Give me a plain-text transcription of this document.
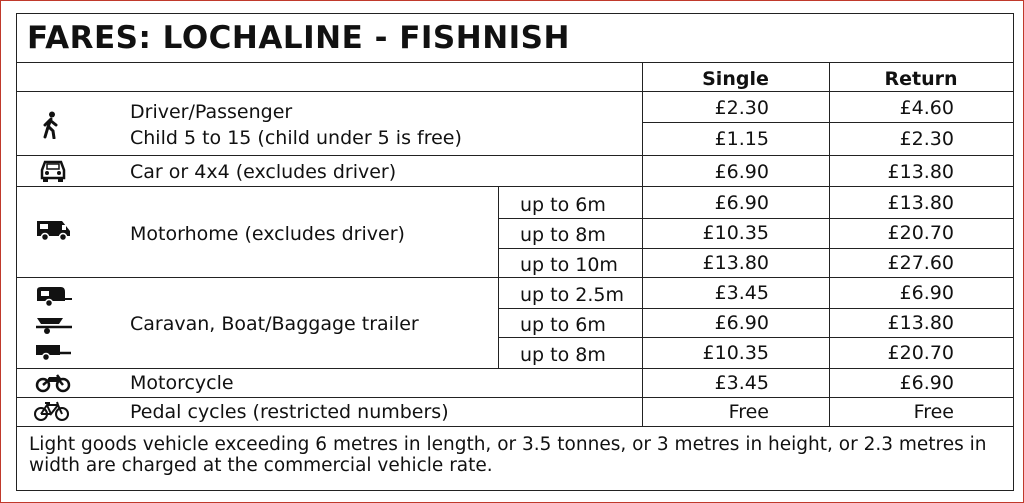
FARES: LOCHALINE - FISHNISH
Single	Return
Driver/Passenger
Child 5 to 15 (child under 5 is free)
Car or 4x4 (excludes driver)
Motorhome (excludes driver)
Caravan, Boat/Baggage trailer
Motorcycle
Pedal cycles (restricted numbers)
up to 6m
up to 8m
up to 10m
up to 2.5m
up to 6m
up to 8m
£2.30
£1.15
£6.90
£6.90
£10.35
£13.80
£3.45
£6.90
£10.35
£3.45
Free
£4.60
£2.30
£13.80
£13.80
£20.70
£27.60
£6.90
£13.80
£20.70
£6.90
Free
Light goods vehicle exceeding 6 metres in length, or 3.5 tonnes, or 3 metres in height, or 2.3 metres in width are charged at the commercial vehicle rate.
